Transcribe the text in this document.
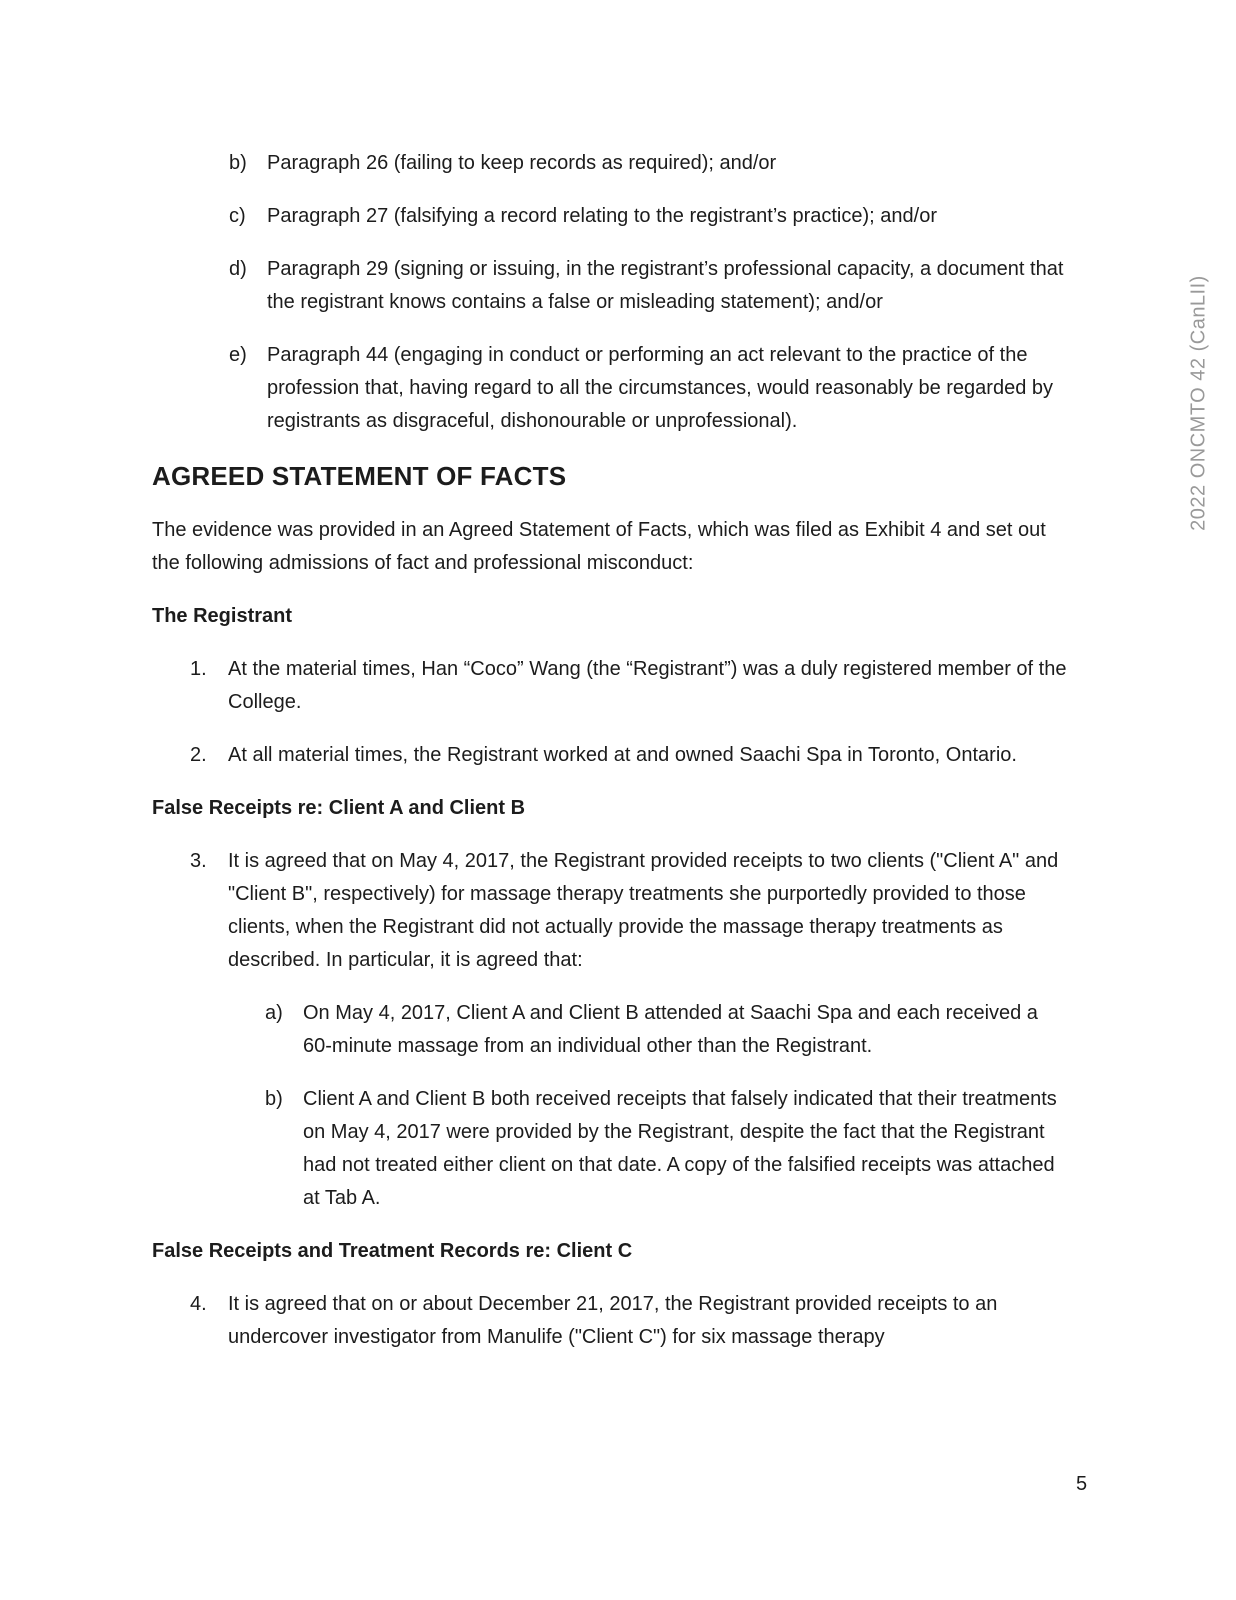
2022 ONCMTO 42 (CanLII)
b)	Paragraph 26 (failing to keep records as required); and/or
c)	Paragraph 27 (falsifying a record relating to the registrant’s practice); and/or
d)	Paragraph 29 (signing or issuing, in the registrant’s professional capacity, a document that the registrant knows contains a false or misleading statement); and/or
e)	Paragraph 44 (engaging in conduct or performing an act relevant to the practice of the profession that, having regard to all the circumstances, would reasonably be regarded by registrants as disgraceful, dishonourable or unprofessional).
AGREED STATEMENT OF FACTS

The evidence was provided in an Agreed Statement of Facts, which was filed as Exhibit 4 and set out the following admissions of fact and professional misconduct:

The Registrant
1.	At the material times, Han “Coco” Wang (the “Registrant”) was a duly registered member of the College.
2.	At all material times, the Registrant worked at and owned Saachi Spa in Toronto, Ontario.
False Receipts re: Client A and Client B
3.	It is agreed that on May 4, 2017, the Registrant provided receipts to two clients ("Client A" and "Client B", respectively) for massage therapy treatments she purportedly provided to those clients, when the Registrant did not actually provide the massage therapy treatments as described. In particular, it is agreed that:
a)	On May 4, 2017, Client A and Client B attended at Saachi Spa and each received a 60-minute massage from an individual other than the Registrant.
b)	Client A and Client B both received receipts that falsely indicated that their treatments on May 4, 2017 were provided by the Registrant, despite the fact that the Registrant had not treated either client on that date. A copy of the falsified receipts was attached at Tab A.
False Receipts and Treatment Records re: Client C
4.	It is agreed that on or about December 21, 2017, the Registrant provided receipts to an undercover investigator from Manulife ("Client C") for six massage therapy
5
